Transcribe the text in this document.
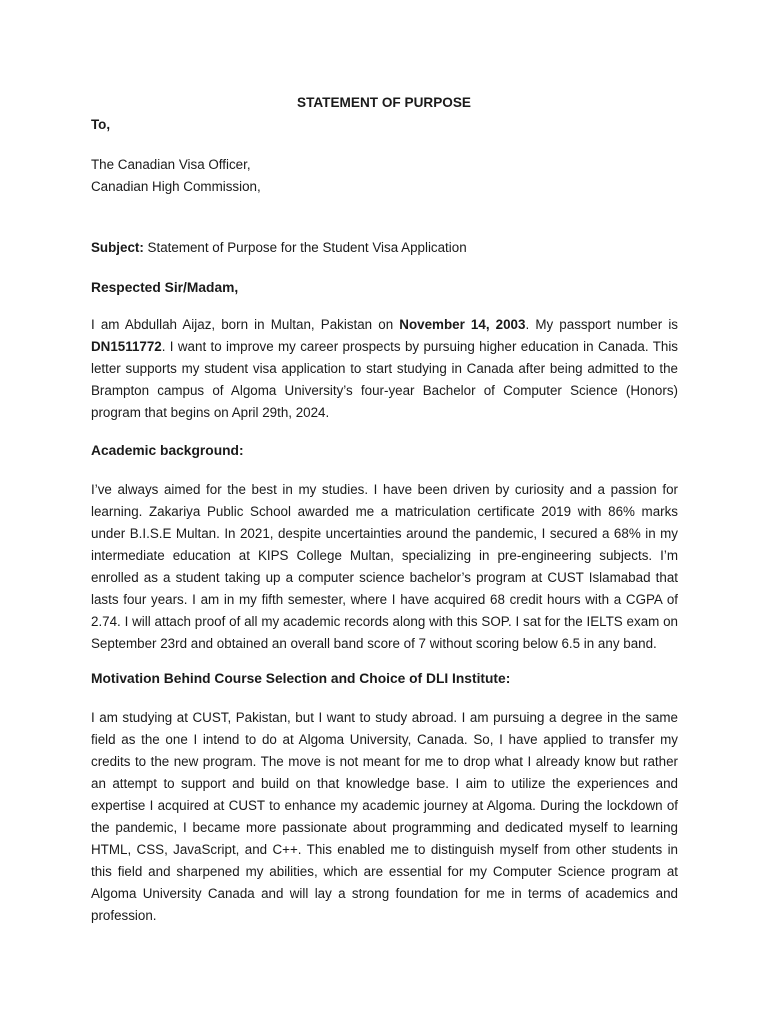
STATEMENT OF PURPOSE
To,
The Canadian Visa Officer,
Canadian High Commission,
Subject: Statement of Purpose for the Student Visa Application
Respected Sir/Madam,

I am Abdullah Aijaz, born in Multan, Pakistan on November 14, 2003. My passport number is DN1511772. I want to improve my career prospects by pursuing higher education in Canada. This letter supports my student visa application to start studying in Canada after being admitted to the Brampton campus of Algoma University’s four-year Bachelor of Computer Science (Honors) program that begins on April 29th, 2024.

Academic background:

I’ve always aimed for the best in my studies. I have been driven by curiosity and a passion for learning. Zakariya Public School awarded me a matriculation certificate 2019 with 86% marks under B.I.S.E Multan. In 2021, despite uncertainties around the pandemic, I secured a 68% in my intermediate education at KIPS College Multan, specializing in pre-engineering subjects. I’m enrolled as a student taking up a computer science bachelor’s program at CUST Islamabad that lasts four years. I am in my fifth semester, where I have acquired 68 credit hours with a CGPA of 2.74. I will attach proof of all my academic records along with this SOP. I sat for the IELTS exam on September 23rd and obtained an overall band score of 7 without scoring below 6.5 in any band.

Motivation Behind Course Selection and Choice of DLI Institute:

I am studying at CUST, Pakistan, but I want to study abroad. I am pursuing a degree in the same field as the one I intend to do at Algoma University, Canada. So, I have applied to transfer my credits to the new program. The move is not meant for me to drop what I already know but rather an attempt to support and build on that knowledge base. I aim to utilize the experiences and expertise I acquired at CUST to enhance my academic journey at Algoma. During the lockdown of the pandemic, I became more passionate about programming and dedicated myself to learning HTML, CSS, JavaScript, and C++. This enabled me to distinguish myself from other students in this field and sharpened my abilities, which are essential for my Computer Science program at Algoma University Canada and will lay a strong foundation for me in terms of academics and profession.
